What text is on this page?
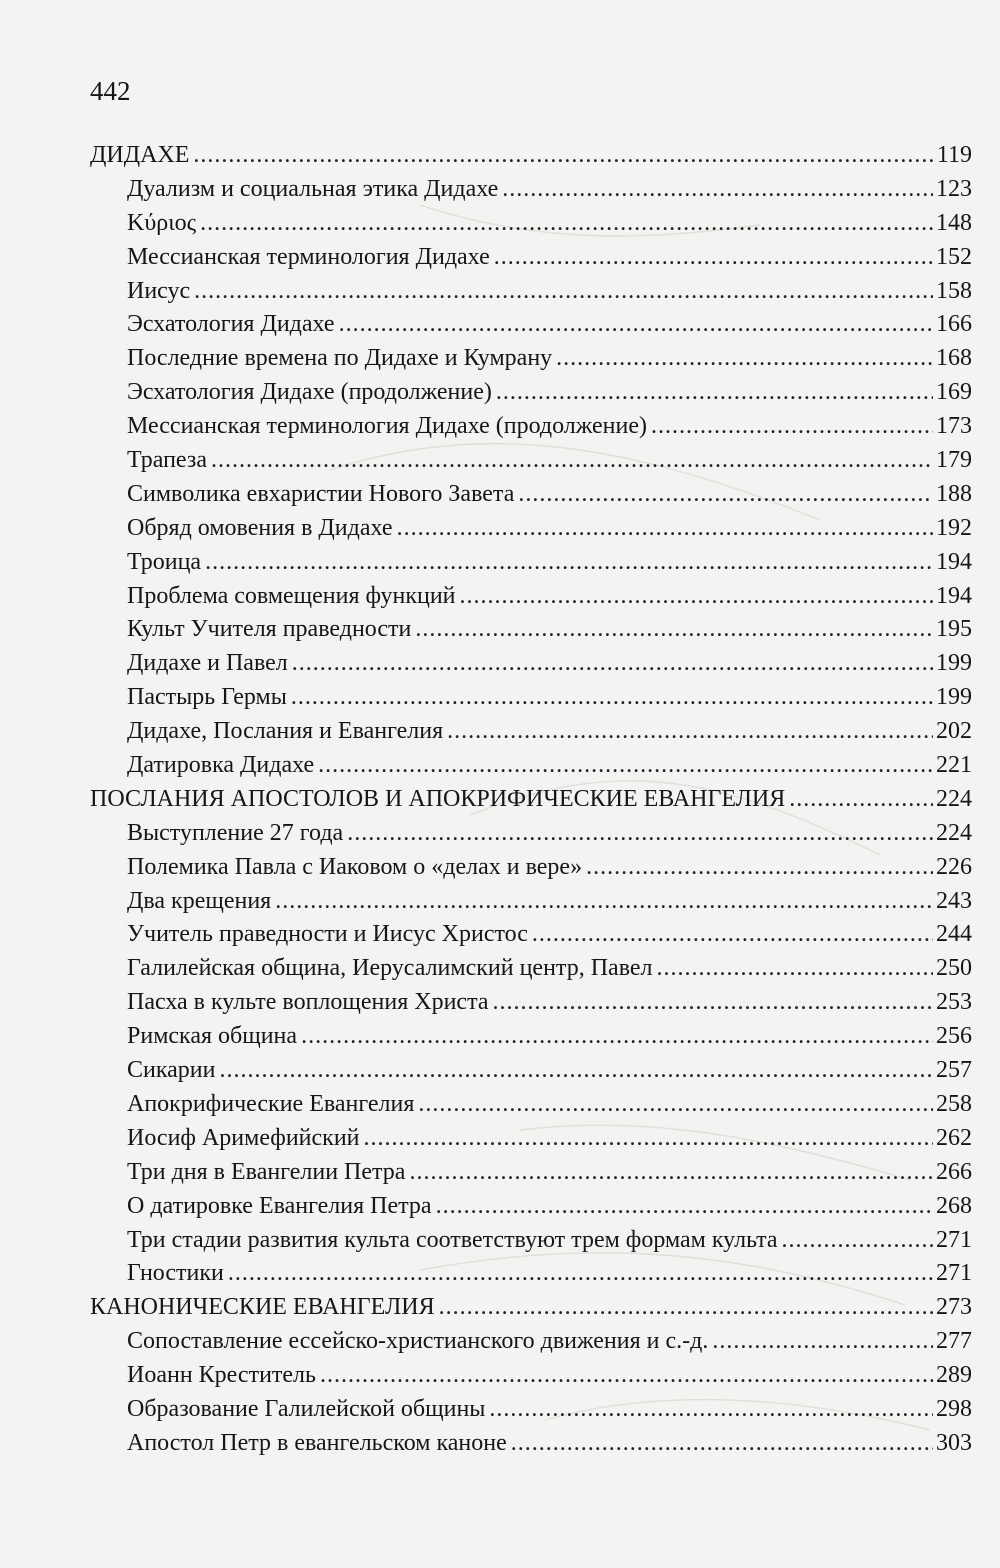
442
ДИДАХЕ .....	119
Дуализм и социальная этика Дидахе .....	123
Κύριος .....	148
Мессианская терминология Дидахе .....	152
Иисус .....	158
Эсхатология Дидахе .....	166
Последние времена по Дидахе и Кумрану .....	168
Эсхатология Дидахе (продолжение) .....	169
Мессианская терминология Дидахе (продолжение) .....	173
Трапеза .....	179
Символика евхаристии Нового Завета .....	188
Обряд омовения в Дидахе .....	192
Троица .....	194
Проблема совмещения функций .....	194
Культ Учителя праведности .....	195
Дидахе и Павел .....	199
Пастырь Гермы .....	199
Дидахе, Послания и Евангелия .....	202
Датировка Дидахе .....	221
ПОСЛАНИЯ АПОСТОЛОВ И АПОКРИФИЧЕСКИЕ ЕВАНГЕЛИЯ .....	224
Выступление 27 года .....	224
Полемика Павла с Иаковом о «делах и вере» .....	226
Два крещения .....	243
Учитель праведности и Иисус Христос .....	244
Галилейская община, Иерусалимский центр, Павел .....	250
Пасха в культе воплощения Христа .....	253
Римская община .....	256
Сикарии .....	257
Апокрифические Евангелия .....	258
Иосиф Аримефийский .....	262
Три дня в Евангелии Петра .....	266
О датировке Евангелия Петра .....	268
Три стадии развития культа соответствуют трем формам культа .....	271
Гностики .....	271
КАНОНИЧЕСКИЕ ЕВАНГЕЛИЯ .....	273
Сопоставление ессейско-христианского движения и с.-д. .....	277
Иоанн Креститель .....	289
Образование Галилейской общины .....	298
Апостол Петр в евангельском каноне .....	303
